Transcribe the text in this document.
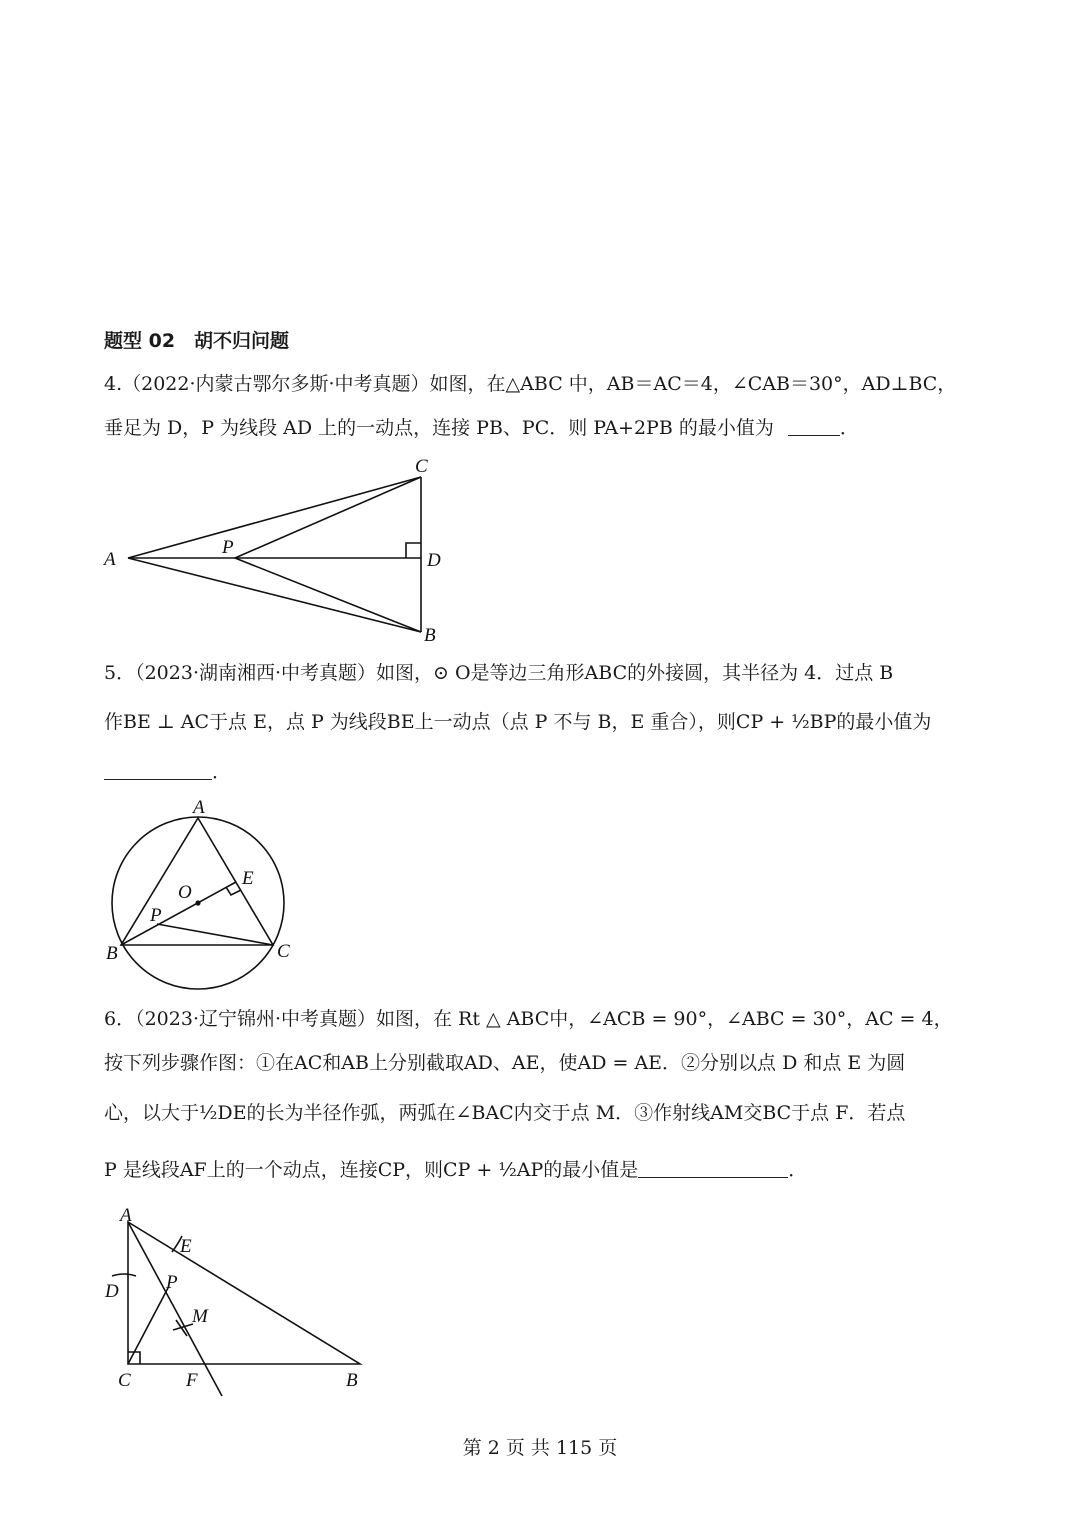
题型 02　胡不归问题
4.（2022·内蒙古鄂尔多斯·中考真题）如图，在△ABC 中，AB＝AC＝4，∠CAB＝30°，AD⊥BC，
垂足为 D，P 为线段 AD 上的一动点，连接 PB、PC．则 PA+2PB 的最小值为	．
A
P
C
D
B
5．（2023·湖南湘西·中考真题）如图，⊙ O是等边三角形ABC的外接圆，其半径为 4．过点 B
作BE ⊥ AC于点 E，点 P 为线段BE上一动点（点 P 不与 B，E 重合），则CP + ½BP的最小值为
．
A
E
O
P
B	C
6．（2023·辽宁锦州·中考真题）如图，在 Rt △ ABC中，∠ACB = 90°，∠ABC = 30°，AC = 4，
按下列步骤作图：①在AC和AB上分别截取AD、AE，使AD = AE．②分别以点 D 和点 E 为圆
心，以大于½DE的长为半径作弧，两弧在∠BAC内交于点 M．③作射线AM交BC于点 F．若点
P 是线段AF上的一个动点，连接CP，则CP + ½AP的最小值是	．
A
E
D P
M
C	F	B
第 2 页 共 115 页
